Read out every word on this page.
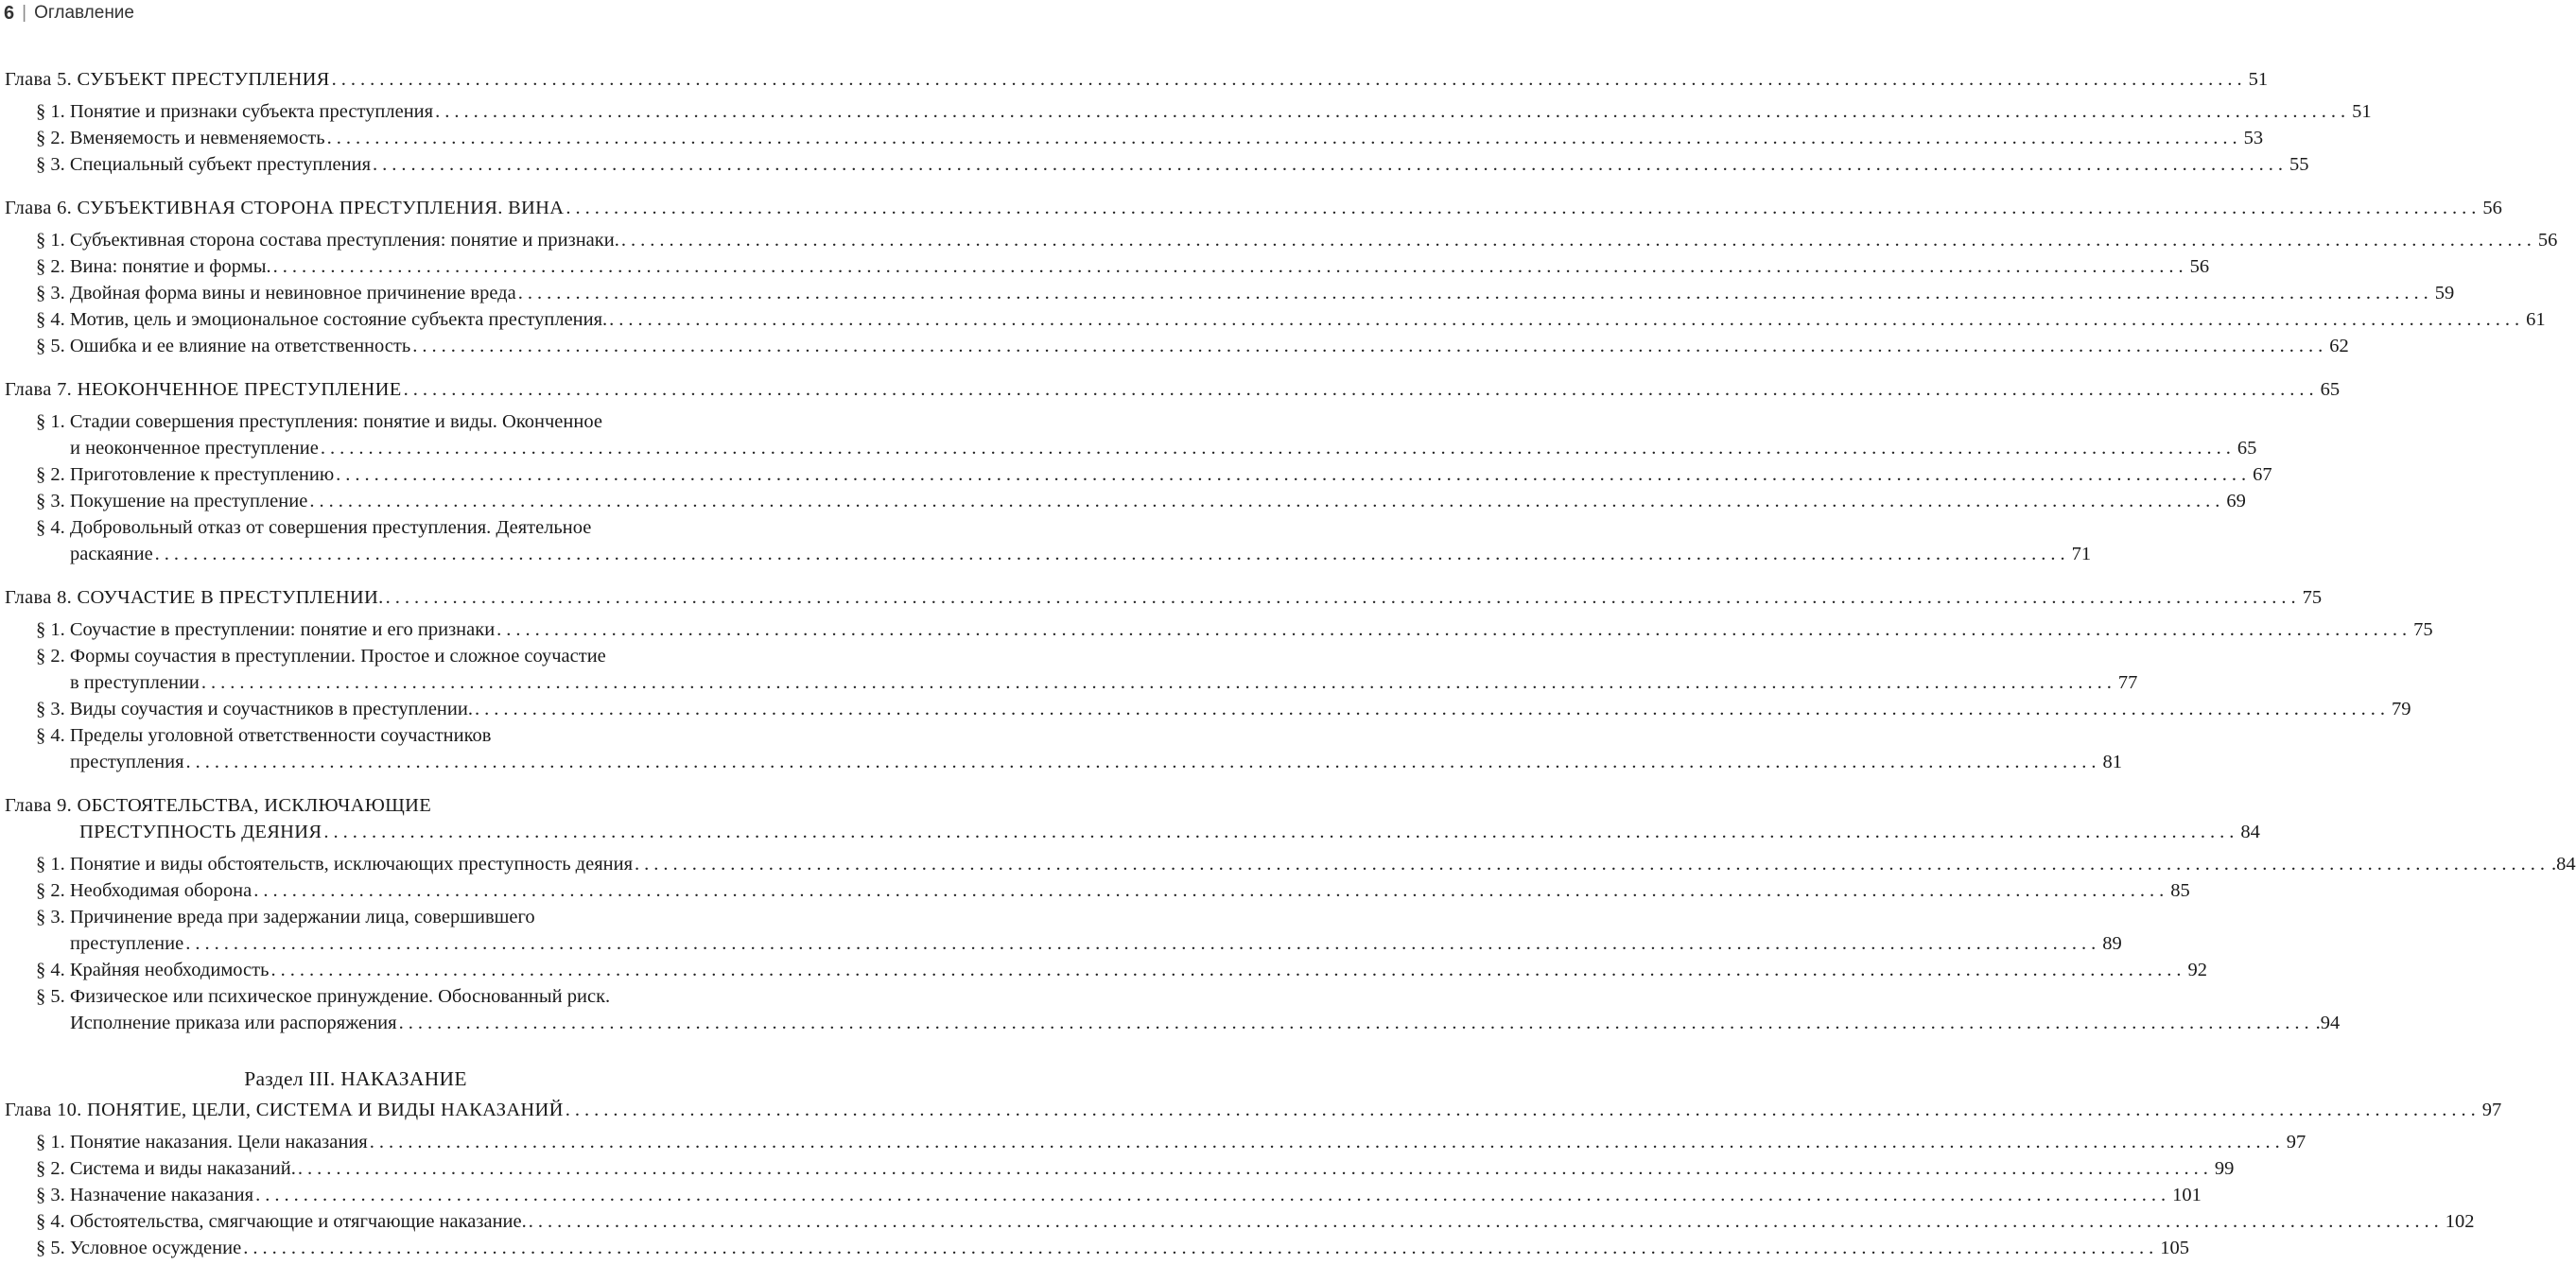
6 | Оглавление
Глава 5. СУБЪЕКТ ПРЕСТУПЛЕНИЯ ........................................................................................................................................................................................................ 51
§ 1. Понятие и признаки субъекта преступления ........................................................................................................................................................................................................ 51
§ 2. Вменяемость и невменяемость ........................................................................................................................................................................................................ 53
§ 3. Специальный субъект преступления ........................................................................................................................................................................................................ 55
Глава 6. СУБЪЕКТИВНАЯ СТОРОНА ПРЕСТУПЛЕНИЯ. ВИНА ........................................................................................................................................................................................................ 56
§ 1. Субъективная сторона состава преступления: понятие и признаки. ........................................................................................................................................................................................................ 56
§ 2. Вина: понятие и формы. ........................................................................................................................................................................................................ 56
§ 3. Двойная форма вины и невиновное причинение вреда ........................................................................................................................................................................................................ 59
§ 4. Мотив, цель и эмоциональное состояние субъекта преступления. ........................................................................................................................................................................................................ 61
§ 5. Ошибка и ее влияние на ответственность ........................................................................................................................................................................................................ 62
Глава 7. НЕОКОНЧЕННОЕ ПРЕСТУПЛЕНИЕ ........................................................................................................................................................................................................ 65
§ 1. Стадии совершения преступления: понятие и виды. Оконченное
и неоконченное преступление ........................................................................................................................................................................................................ 65
§ 2. Приготовление к преступлению ........................................................................................................................................................................................................ 67
§ 3. Покушение на преступление ........................................................................................................................................................................................................ 69
§ 4. Добровольный отказ от совершения преступления. Деятельное
раскаяние ........................................................................................................................................................................................................ 71
Глава 8. СОУЧАСТИЕ В ПРЕСТУПЛЕНИИ. ........................................................................................................................................................................................................ 75
§ 1. Соучастие в преступлении: понятие и его признаки ........................................................................................................................................................................................................ 75
§ 2. Формы соучастия в преступлении. Простое и сложное соучастие
в преступлении ........................................................................................................................................................................................................ 77
§ 3. Виды соучастия и соучастников в преступлении. ........................................................................................................................................................................................................ 79
§ 4. Пределы уголовной ответственности соучастников
преступления ........................................................................................................................................................................................................ 81
Глава 9. ОБСТОЯТЕЛЬСТВА, ИСКЛЮЧАЮЩИЕ
ПРЕСТУПНОСТЬ ДЕЯНИЯ ........................................................................................................................................................................................................ 84
§ 1. Понятие и виды обстоятельств, исключающих преступность деяния ........................................................................................................................................................................................................ .84
§ 2. Необходимая оборона ........................................................................................................................................................................................................ 85
§ 3. Причинение вреда при задержании лица, совершившего
преступление ........................................................................................................................................................................................................ 89
§ 4. Крайняя необходимость ........................................................................................................................................................................................................ 92
§ 5. Физическое или психическое принуждение. Обоснованный риск.
Исполнение приказа или распоряжения ........................................................................................................................................................................................................ .94
Раздел III. НАКАЗАНИЕ
Глава 10. ПОНЯТИЕ, ЦЕЛИ, СИСТЕМА И ВИДЫ НАКАЗАНИЙ ........................................................................................................................................................................................................ 97
§ 1. Понятие наказания. Цели наказания ........................................................................................................................................................................................................ 97
§ 2. Система и виды наказаний. ........................................................................................................................................................................................................ 99
§ 3. Назначение наказания ........................................................................................................................................................................................................ 101
§ 4. Обстоятельства, смягчающие и отягчающие наказание. ........................................................................................................................................................................................................ 102
§ 5. Условное осуждение ........................................................................................................................................................................................................ 105
